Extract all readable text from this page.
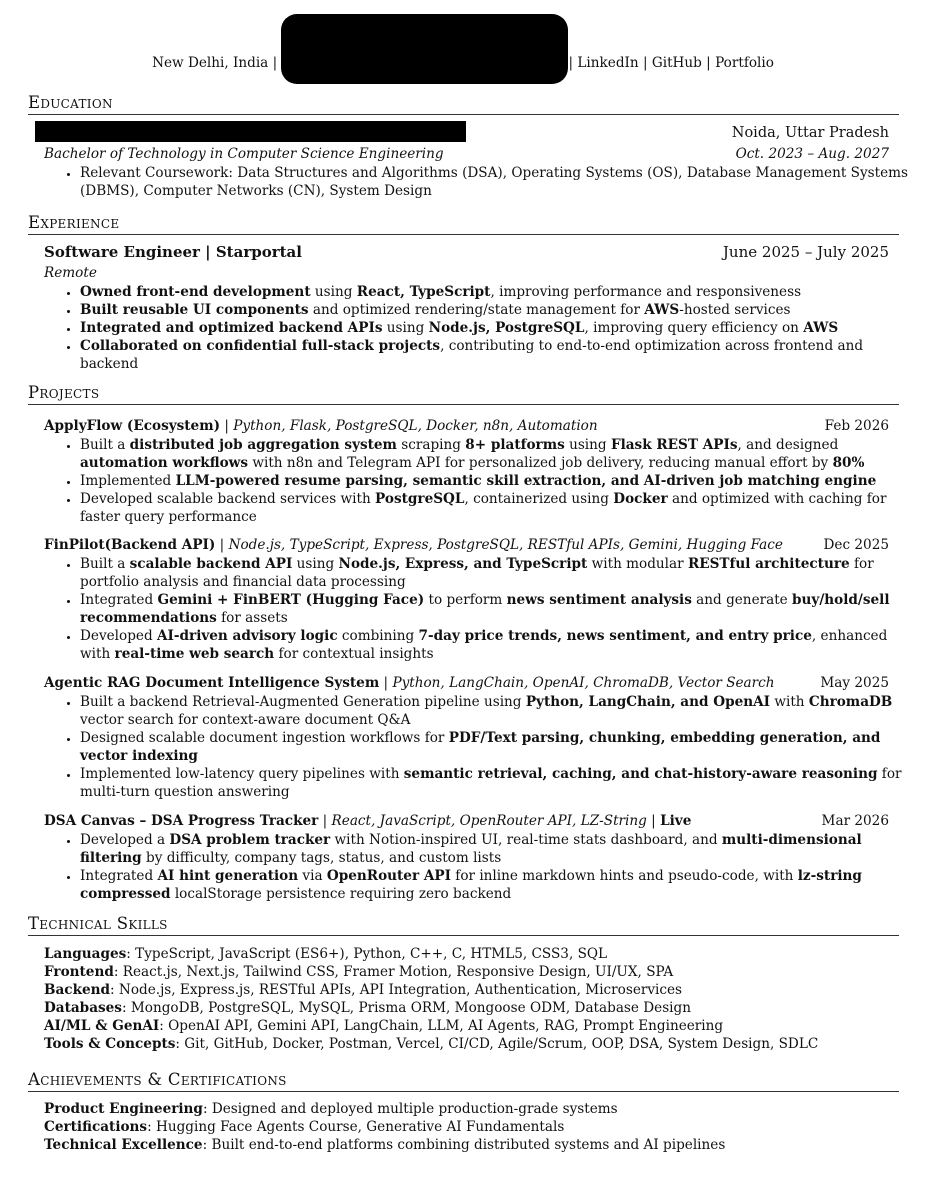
New Delhi, India |	| LinkedIn | GitHub | Portfolio
Education
Noida, Uttar Pradesh
Bachelor of Technology in Computer Science Engineering	Oct. 2023 – Aug. 2027
• Relevant Coursework: Data Structures and Algorithms (DSA), Operating Systems (OS), Database Management Systems (DBMS), Computer Networks (CN), System Design
Experience
Software Engineer | Starportal	June 2025 – July 2025
Remote
• Owned front-end development using React, TypeScript, improving performance and responsiveness
• Built reusable UI components and optimized rendering/state management for AWS-hosted services
• Integrated and optimized backend APIs using Node.js, PostgreSQL, improving query efficiency on AWS
• Collaborated on confidential full-stack projects, contributing to end-to-end optimization across frontend and backend
Projects
ApplyFlow (Ecosystem) | Python, Flask, PostgreSQL, Docker, n8n, Automation	Feb 2026
• Built a distributed job aggregation system scraping 8+ platforms using Flask REST APIs, and designed automation workflows with n8n and Telegram API for personalized job delivery, reducing manual effort by 80%
• Implemented LLM-powered resume parsing, semantic skill extraction, and AI-driven job matching engine
• Developed scalable backend services with PostgreSQL, containerized using Docker and optimized with caching for faster query performance
FinPilot(Backend API) | Node.js, TypeScript, Express, PostgreSQL, RESTful APIs, Gemini, Hugging Face	Dec 2025
• Built a scalable backend API using Node.js, Express, and TypeScript with modular RESTful architecture for portfolio analysis and financial data processing
• Integrated Gemini + FinBERT (Hugging Face) to perform news sentiment analysis and generate buy/hold/sell recommendations for assets
• Developed AI-driven advisory logic combining 7-day price trends, news sentiment, and entry price, enhanced with real-time web search for contextual insights
Agentic RAG Document Intelligence System | Python, LangChain, OpenAI, ChromaDB, Vector Search	May 2025
• Built a backend Retrieval-Augmented Generation pipeline using Python, LangChain, and OpenAI with ChromaDB vector search for context-aware document Q&A
• Designed scalable document ingestion workflows for PDF/Text parsing, chunking, embedding generation, and vector indexing
• Implemented low-latency query pipelines with semantic retrieval, caching, and chat-history-aware reasoning for multi-turn question answering
DSA Canvas – DSA Progress Tracker | React, JavaScript, OpenRouter API, LZ-String | Live	Mar 2026
• Developed a DSA problem tracker with Notion-inspired UI, real-time stats dashboard, and multi-dimensional filtering by difficulty, company tags, status, and custom lists
• Integrated AI hint generation via OpenRouter API for inline markdown hints and pseudo-code, with lz-string compressed localStorage persistence requiring zero backend
Technical Skills
Languages: TypeScript, JavaScript (ES6+), Python, C++, C, HTML5, CSS3, SQL
Frontend: React.js, Next.js, Tailwind CSS, Framer Motion, Responsive Design, UI/UX, SPA
Backend: Node.js, Express.js, RESTful APIs, API Integration, Authentication, Microservices
Databases: MongoDB, PostgreSQL, MySQL, Prisma ORM, Mongoose ODM, Database Design
AI/ML & GenAI: OpenAI API, Gemini API, LangChain, LLM, AI Agents, RAG, Prompt Engineering
Tools & Concepts: Git, GitHub, Docker, Postman, Vercel, CI/CD, Agile/Scrum, OOP, DSA, System Design, SDLC
Achievements & Certifications
Product Engineering: Designed and deployed multiple production-grade systems
Certifications: Hugging Face Agents Course, Generative AI Fundamentals
Technical Excellence: Built end-to-end platforms combining distributed systems and AI pipelines
